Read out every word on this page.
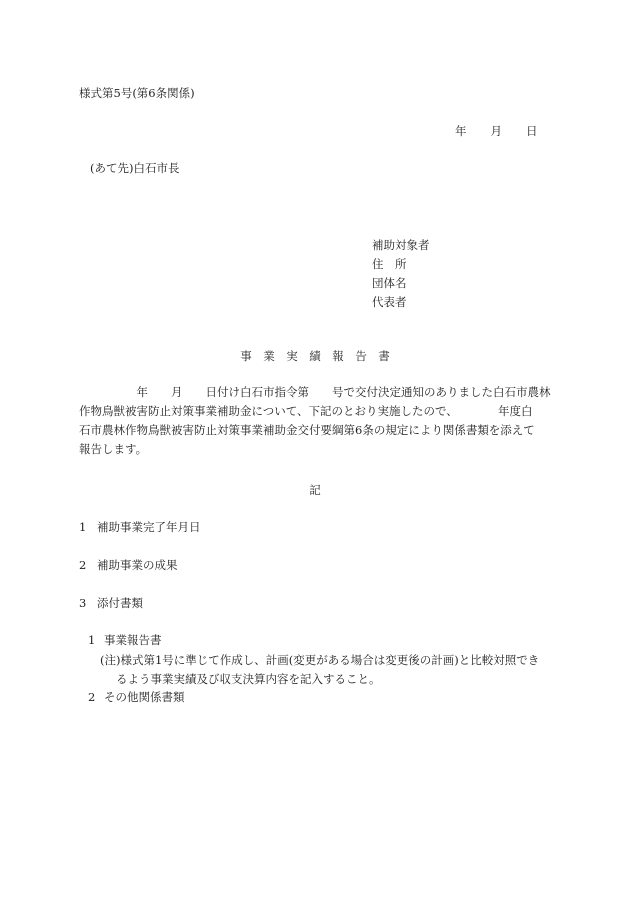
様式第5号(第6条関係)
年 月 日
(あて先)白石市長
補助対象者
住　所
団体名
代表者
事　業　実　績　報　告　書
　　　　　年　　月　　日付け白石市指令第　　号で交付決定通知のありました白石市農林
作物鳥獣被害防止対策事業補助金について、下記のとおり実施したので、　　　　年度白
石市農林作物鳥獣被害防止対策事業補助金交付要綱第6条の規定により関係書類を添えて
報告します。
記
1 補助事業完了年月日
2 補助事業の成果
3 添付書類
1 事業報告書
(注)様式第1号に準じて作成し、計画(変更がある場合は変更後の計画)と比較対照でき
るよう事業実績及び収支決算内容を記入すること。
2 その他関係書類
